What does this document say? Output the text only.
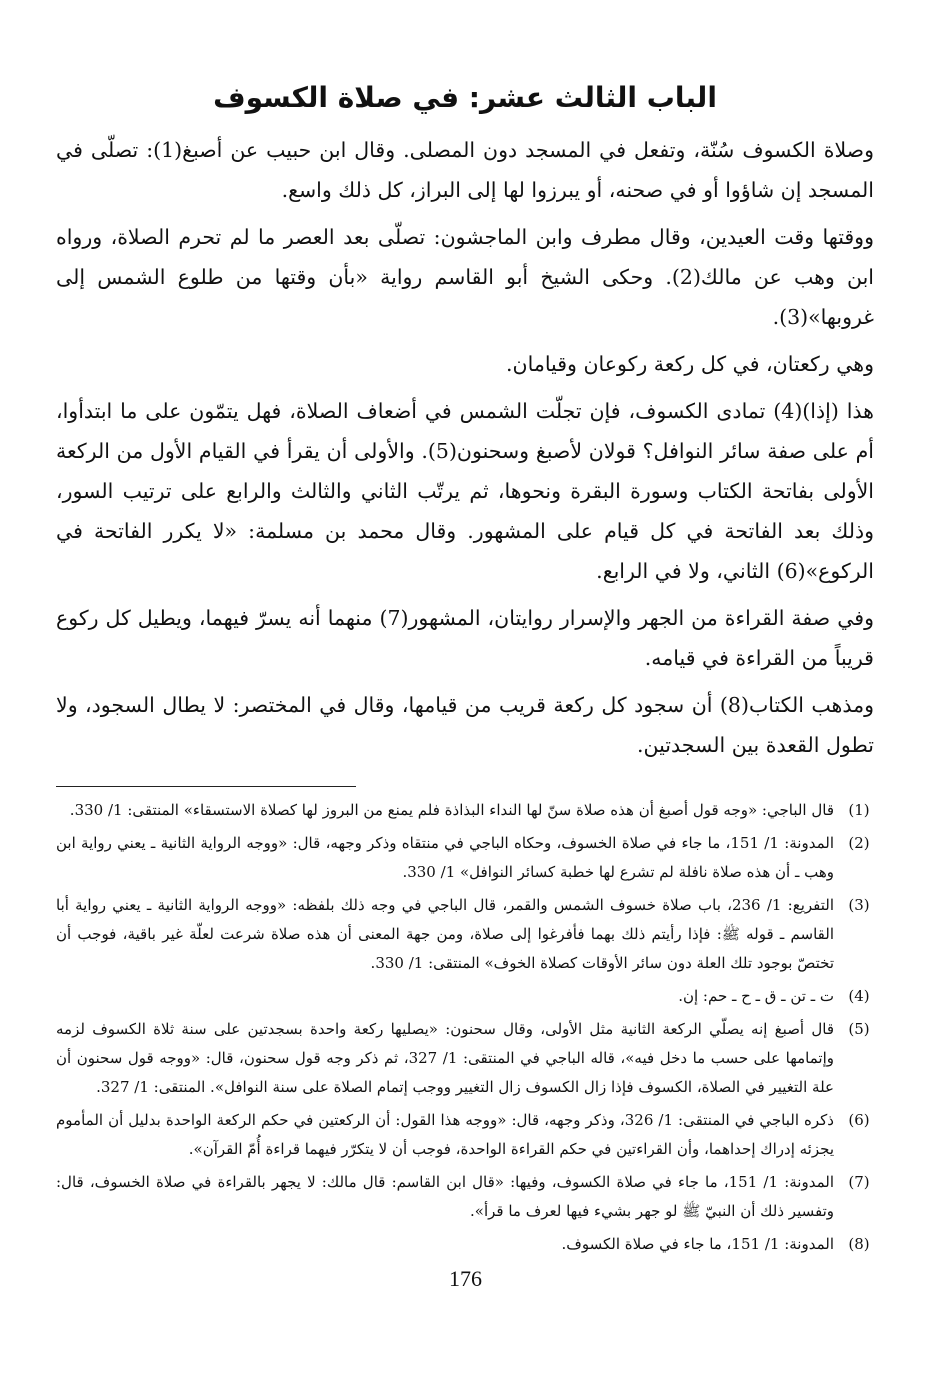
الباب الثالث عشر: في صلاة الكسوف

وصلاة الكسوف سُنّة، وتفعل في المسجد دون المصلى. وقال ابن حبيب عن أصبغ(1): تصلّى في المسجد إن شاؤوا أو في صحنه، أو يبرزوا لها إلى البراز، كل ذلك واسع.

ووقتها وقت العيدين، وقال مطرف وابن الماجشون: تصلّى بعد العصر ما لم تحرم الصلاة، ورواه ابن وهب عن مالك(2). وحكى الشيخ أبو القاسم رواية «بأن وقتها من طلوع الشمس إلى غروبها»(3).

وهي ركعتان، في كل ركعة ركوعان وقيامان.

هذا (إذا)(4) تمادى الكسوف، فإن تجلّت الشمس في أضعاف الصلاة، فهل يتمّون على ما ابتدأوا، أم على صفة سائر النوافل؟ قولان لأصبغ وسحنون(5). والأولى أن يقرأ في القيام الأول من الركعة الأولى بفاتحة الكتاب وسورة البقرة ونحوها، ثم يرتّب الثاني والثالث والرابع على ترتيب السور، وذلك بعد الفاتحة في كل قيام على المشهور. وقال محمد بن مسلمة: «لا يكرر الفاتحة في الركوع»(6) الثاني، ولا في الرابع.

وفي صفة القراءة من الجهر والإسرار روايتان، المشهور(7) منهما أنه يسرّ فيهما، ويطيل كل ركوع قريباً من القراءة في قيامه.

ومذهب الكتاب(8) أن سجود كل ركعة قريب من قيامها، وقال في المختصر: لا يطال السجود، ولا تطول القعدة بين السجدتين.

(1)
قال الباجي: «وجه قول أصبغ أن هذه صلاة سنّ لها النداء البذاذة فلم يمنع من البروز لها كصلاة الاستسقاء» المنتقى: 1/ 330.
(2)
المدونة: 1/ 151، ما جاء في صلاة الخسوف، وحكاه الباجي في منتقاه وذكر وجهه، قال: «ووجه الرواية الثانية ـ يعني رواية ابن وهب ـ أن هذه صلاة نافلة لم تشرع لها خطبة كسائر النوافل» 1/ 330.
(3)
التفريع: 1/ 236، باب صلاة خسوف الشمس والقمر، قال الباجي في وجه ذلك بلفظه: «ووجه الرواية الثانية ـ يعني رواية أبا القاسم ـ قوله ﷺ: فإذا رأيتم ذلك بهما فأفرغوا إلى صلاة، ومن جهة المعنى أن هذه صلاة شرعت لعلّة غير باقية، فوجب أن تختصّ بوجود تلك العلة دون سائر الأوقات كصلاة الخوف» المنتقى: 1/ 330.
(4)
ت ـ تن ـ ق ـ ح ـ حم: إن.
(5)
قال أصبغ إنه يصلّي الركعة الثانية مثل الأولى، وقال سحنون: «يصليها ركعة واحدة بسجدتين على سنة ثلاة الكسوف لزمه وإتمامها على حسب ما دخل فيه»، قاله الباجي في المنتقى: 1/ 327، ثم ذكر وجه قول سحنون، قال: «ووجه قول سحنون أن علة التغيير في الصلاة، الكسوف فإذا زال الكسوف زال التغيير ووجب إتمام الصلاة على سنة النوافل». المنتقى: 1/ 327.
(6)
ذكره الباجي في المنتقى: 1/ 326، وذكر وجهه، قال: «ووجه هذا القول: أن الركعتين في حكم الركعة الواحدة بدليل أن المأموم يجزئه إدراك إحداهما، وأن القراءتين في حكم القراءة الواحدة، فوجب أن لا يتكرّر فيهما قراءة أُمّ القرآن».
(7)
المدونة: 1/ 151، ما جاء في صلاة الكسوف، وفيها: «قال ابن القاسم: قال مالك: لا يجهر بالقراءة في صلاة الخسوف، قال: وتفسير ذلك أن النبيّ ﷺ لو جهر بشيء فيها لعرف ما قرأ».
(8)
المدونة: 1/ 151، ما جاء في صلاة الكسوف.
176
